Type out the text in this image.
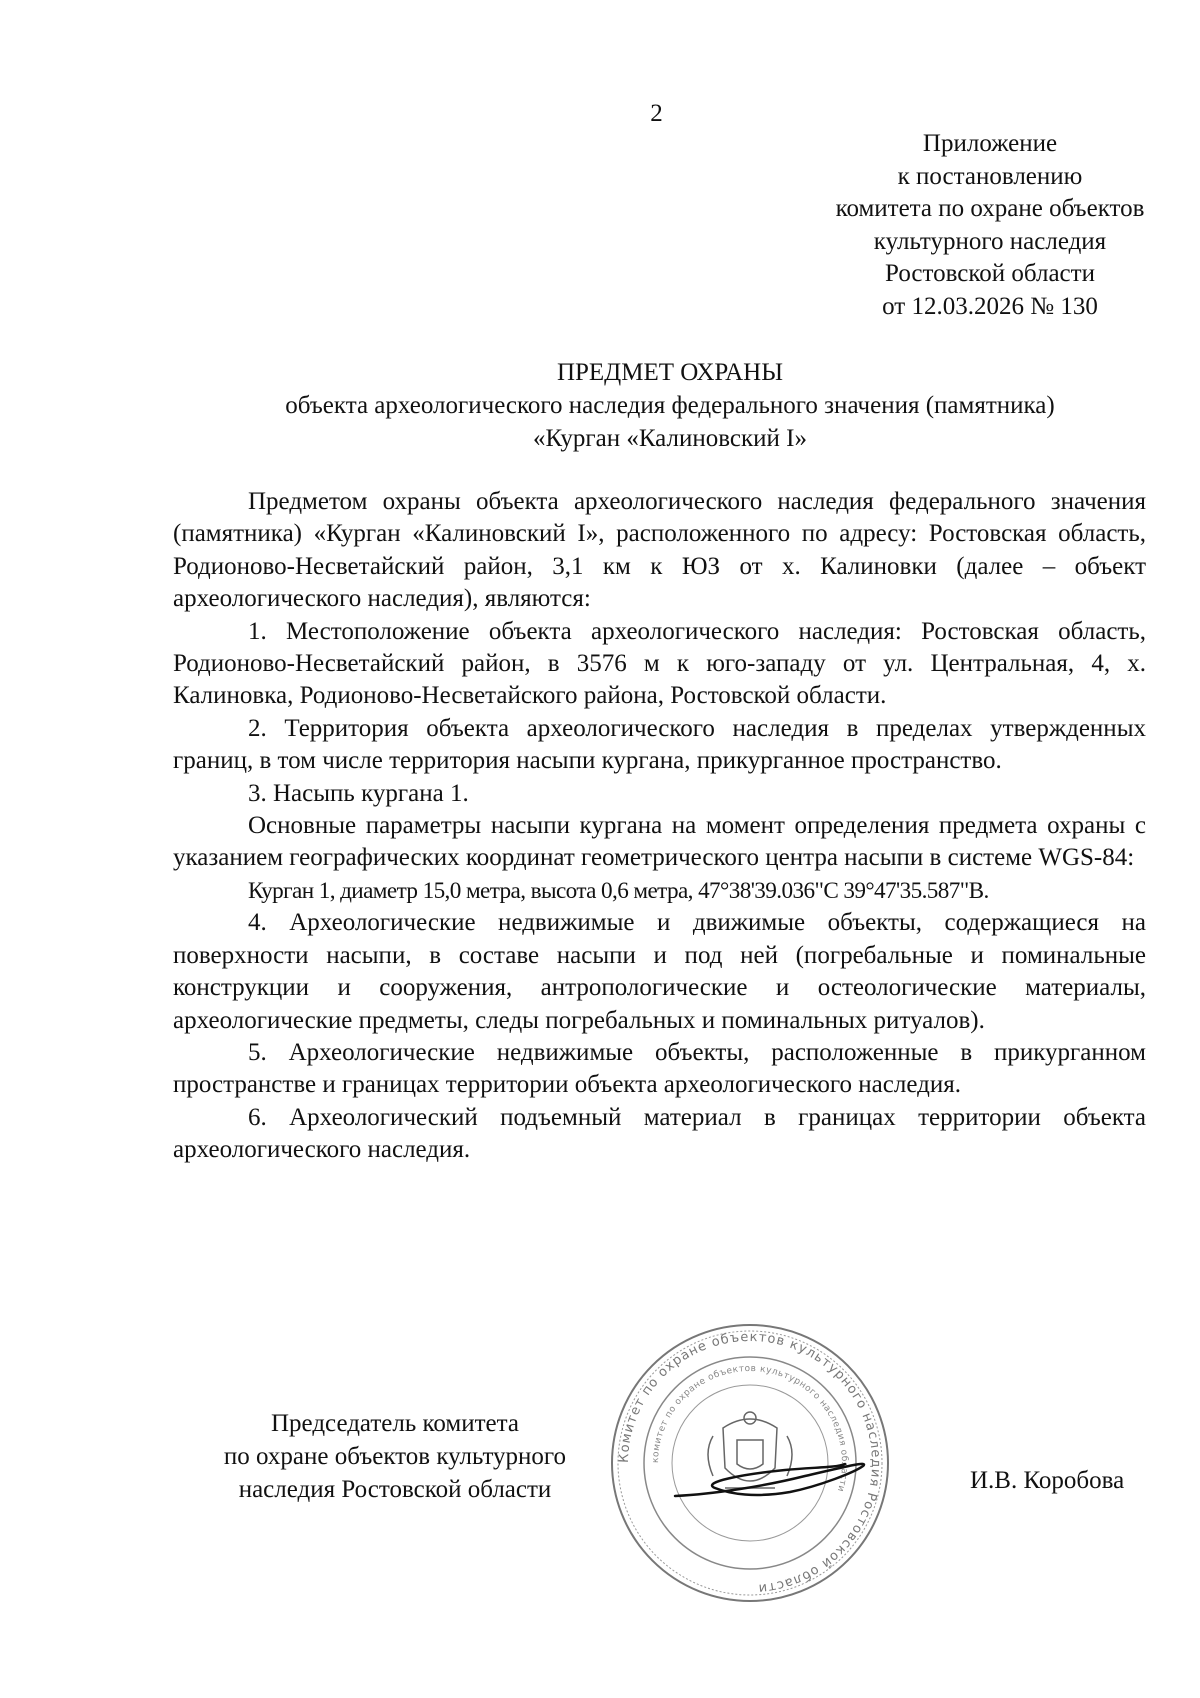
2
Приложение
к постановлению
комитета по охране объектов
культурного наследия
Ростовской области
от 12.03.2026 № 130
ПРЕДМЕТ ОХРАНЫ
объекта археологического наследия федерального значения (памятника)
«Курган «Калиновский I»

Предметом охраны объекта археологического наследия федерального значения (памятника) «Курган «Калиновский I», расположенного по адресу: Ростовская область, Родионово-Несветайский район, 3,1 км к ЮЗ от х. Калиновки (далее – объект археологического наследия), являются:

1. Местоположение объекта археологического наследия: Ростовская область, Родионово-Несветайский район, в 3576 м к юго-западу от ул. Центральная, 4, х. Калиновка, Родионово-Несветайского района, Ростовской области.

2. Территория объекта археологического наследия в пределах утвержденных границ, в том числе территория насыпи кургана, прикурганное пространство.

3. Насыпь кургана 1.

Основные параметры насыпи кургана на момент определения предмета охраны с указанием географических координат геометрического центра насыпи в системе WGS-84:

Курган 1, диаметр 15,0 метра, высота 0,6 метра, 47°38'39.036"С 39°47'35.587"В.

4. Археологические недвижимые и движимые объекты, содержащиеся на поверхности насыпи, в составе насыпи и под ней (погребальные и поминальные конструкции и сооружения, антропологические и остеологические материалы, археологические предметы, следы погребальных и поминальных ритуалов).

5. Археологические недвижимые объекты, расположенные в прикурганном пространстве и границах территории объекта археологического наследия.

6. Археологический подъемный материал в границах территории объекта археологического наследия.

Председатель комитета
по охране объектов культурного
наследия Ростовской области	И.В. Коробова
Комитет по охране объектов культурного наследия Ростовской области
комитет по охране объектов культурного наследия области
